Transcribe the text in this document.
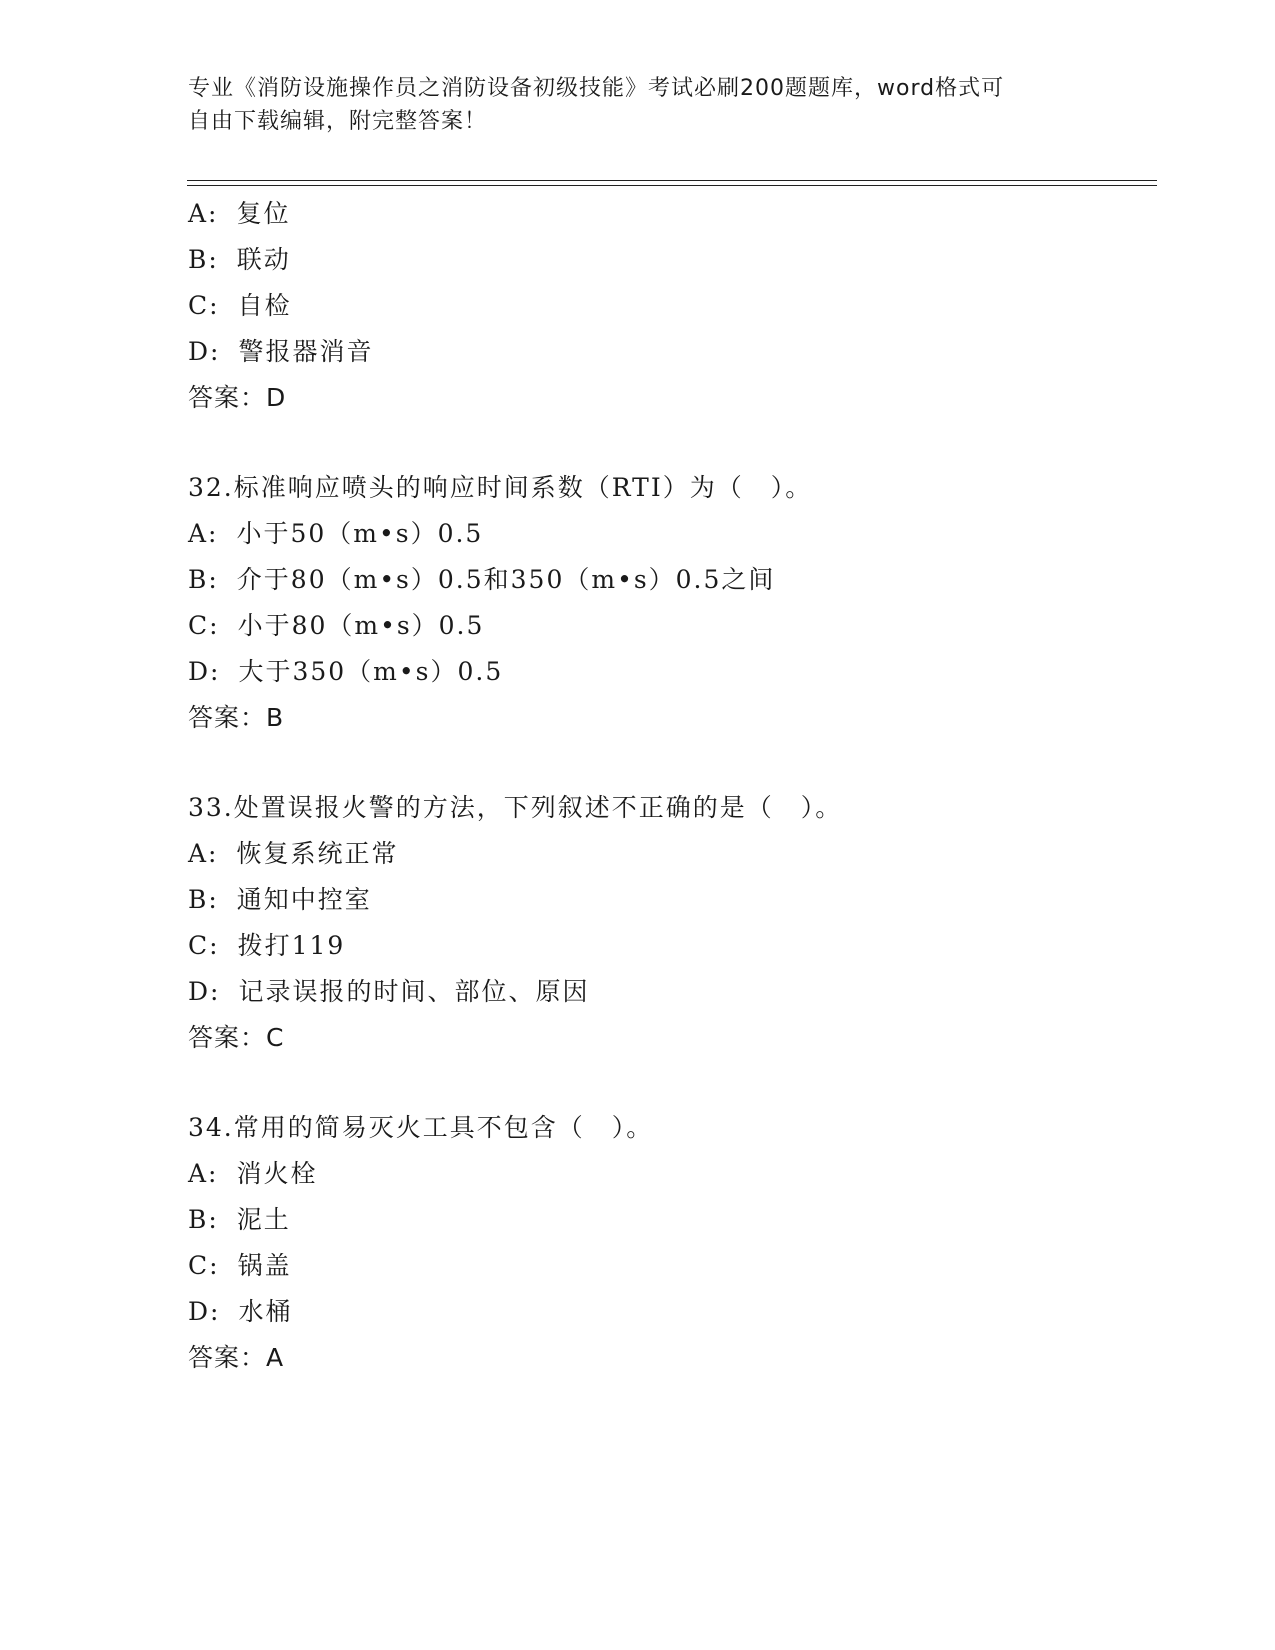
专业《消防设施操作员之消防设备初级技能》考试必刷200题题库，word格式可
自由下载编辑，附完整答案！
A: 复位
B: 联动
C: 自检
D: 警报器消音
答案：D
32.标准响应喷头的响应时间系数（RTI）为（　）。
A: 小于50（m•s）0.5
B: 介于80（m•s）0.5和350（m•s）0.5之间
C: 小于80（m•s）0.5
D: 大于350（m•s）0.5
答案：B
33.处置误报火警的方法，下列叙述不正确的是（　）。
A: 恢复系统正常
B: 通知中控室
C: 拨打119
D: 记录误报的时间、部位、原因
答案：C
34.常用的简易灭火工具不包含（　）。
A: 消火栓
B: 泥土
C: 锅盖
D: 水桶
答案：A
